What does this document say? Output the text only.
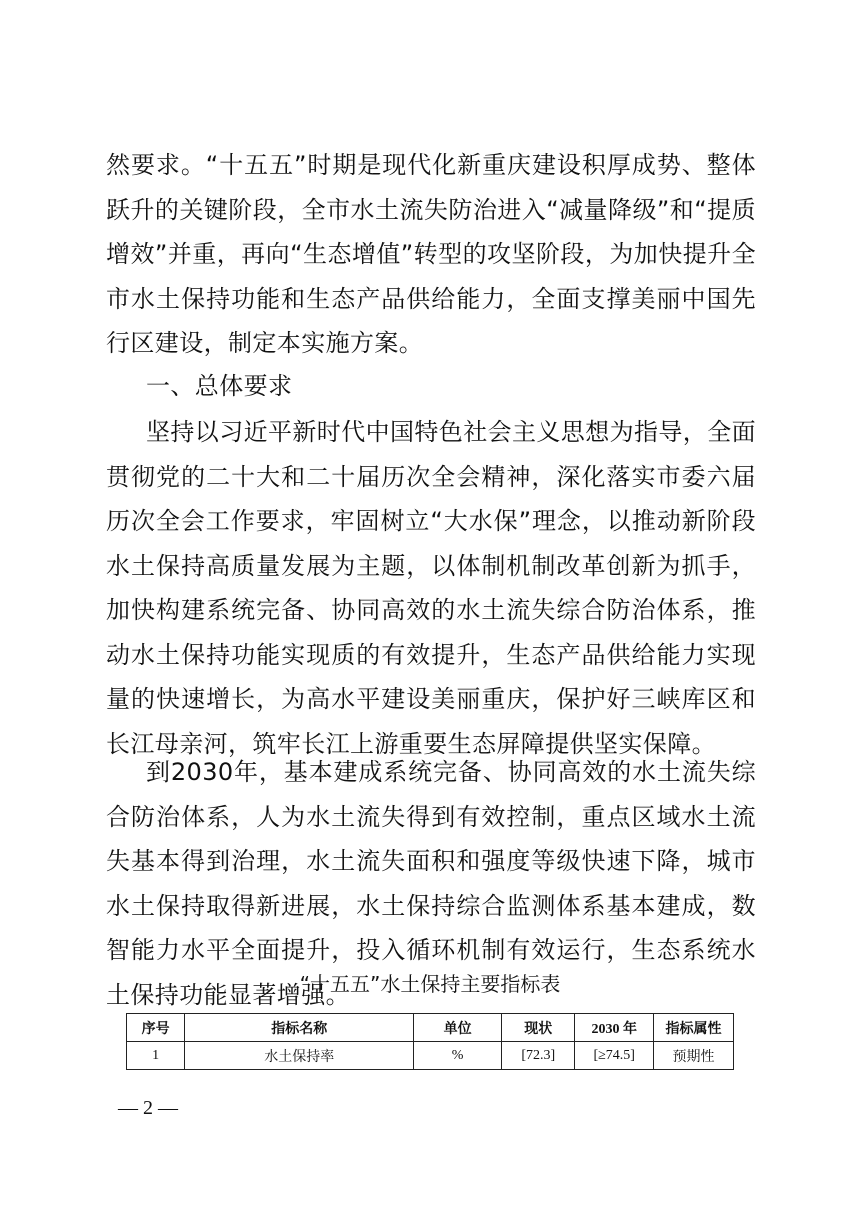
然要求。“十五五”时期是现代化新重庆建设积厚成势、整体跃升的关键阶段，全市水土流失防治进入“减量降级”和“提质增效”并重，再向“生态增值”转型的攻坚阶段，为加快提升全市水土保持功能和生态产品供给能力，全面支撑美丽中国先行区建设，制定本实施方案。

一、总体要求

坚持以习近平新时代中国特色社会主义思想为指导，全面贯彻党的二十大和二十届历次全会精神，深化落实市委六届历次全会工作要求，牢固树立“大水保”理念，以推动新阶段水土保持高质量发展为主题，以体制机制改革创新为抓手，加快构建系统完备、协同高效的水土流失综合防治体系，推动水土保持功能实现质的有效提升，生态产品供给能力实现量的快速增长，为高水平建设美丽重庆，保护好三峡库区和长江母亲河，筑牢长江上游重要生态屏障提供坚实保障。

到2030年，基本建成系统完备、协同高效的水土流失综合防治体系，人为水土流失得到有效控制，重点区域水土流失基本得到治理，水土流失面积和强度等级快速下降，城市水土保持取得新进展，水土保持综合监测体系基本建成，数智能力水平全面提升，投入循环机制有效运行，生态系统水土保持功能显著增强。

“十五五”水土保持主要指标表
序号	指标名称	单位	现状	2030 年	指标属性
1	水土保持率	%	[72.3]	[≥74.5]	预期性
— 2 —
